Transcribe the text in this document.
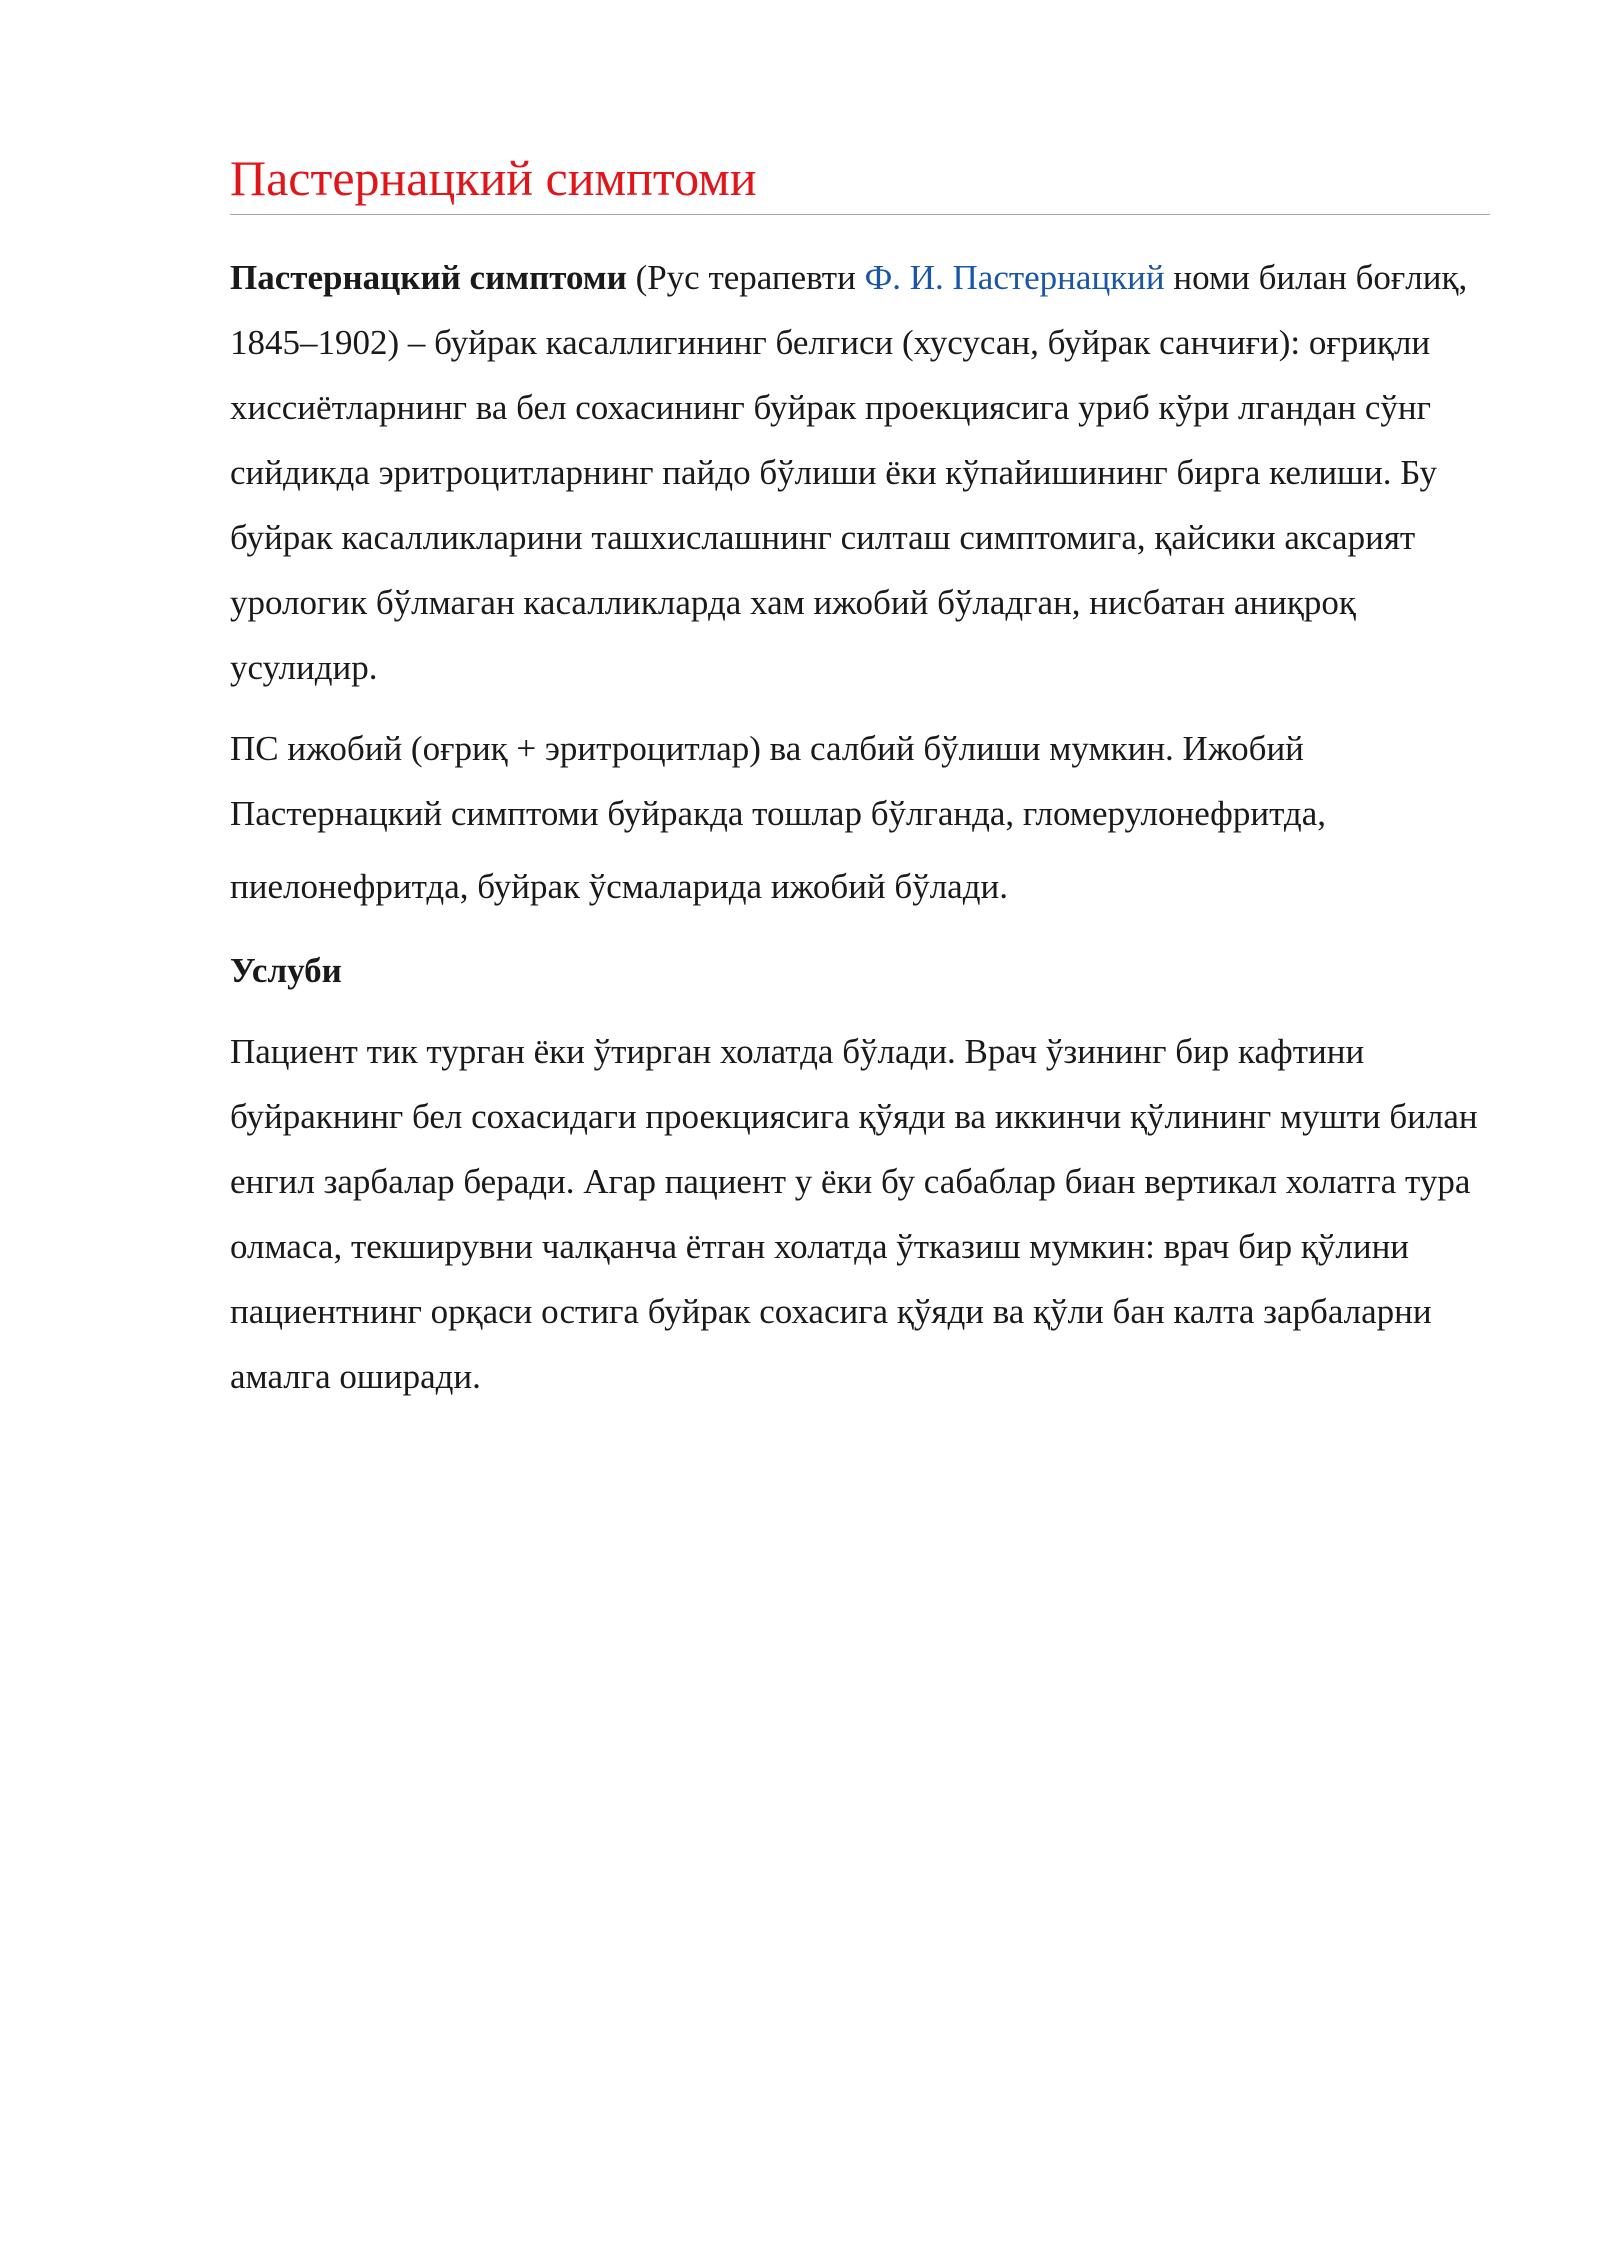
Пастернацкий симптоми

Пастернацкий симптоми (Рус терапевти Ф. И. Пастернацкий номи билан боғлиқ, 1845–1902) – буйрак касаллигининг белгиси (хусусан, буйрак санчиғи): оғриқли хиссиётларнинг ва бел сохасининг буйрак проекциясига уриб кўри лгандан сўнг сийдикда эритроцитларнинг пайдо бўлиши ёки кўпайишининг бирга келиши. Бу буйрак касалликларини ташхислашнинг силташ симптомига, қайсики аксарият урологик бўлмаган касалликларда хам ижобий бўладган, нисбатан аниқроқ усулидир.

ПС ижобий (оғриқ + эритроцитлар) ва салбий бўлиши мумкин. Ижобий Пастернацкий симптоми буйракда тошлар бўлганда, гломерулонефритда,
пиелонефритда, буйрак ўсмаларида ижобий бўлади.

Услуби

Пациент тик турган ёки ўтирган холатда бўлади. Врач ўзининг бир кафтини буйракнинг бел сохасидаги проекциясига қўяди ва иккинчи қўлининг мушти билан енгил зарбалар беради. Агар пациент у ёки бу сабаблар биан вертикал холатга тура олмаса, текширувни чалқанча ётган холатда ўтказиш мумкин: врач бир қўлини пациентнинг орқаси остига буйрак сохасига қўяди ва қўли бан калта зарбаларни амалга оширади.
